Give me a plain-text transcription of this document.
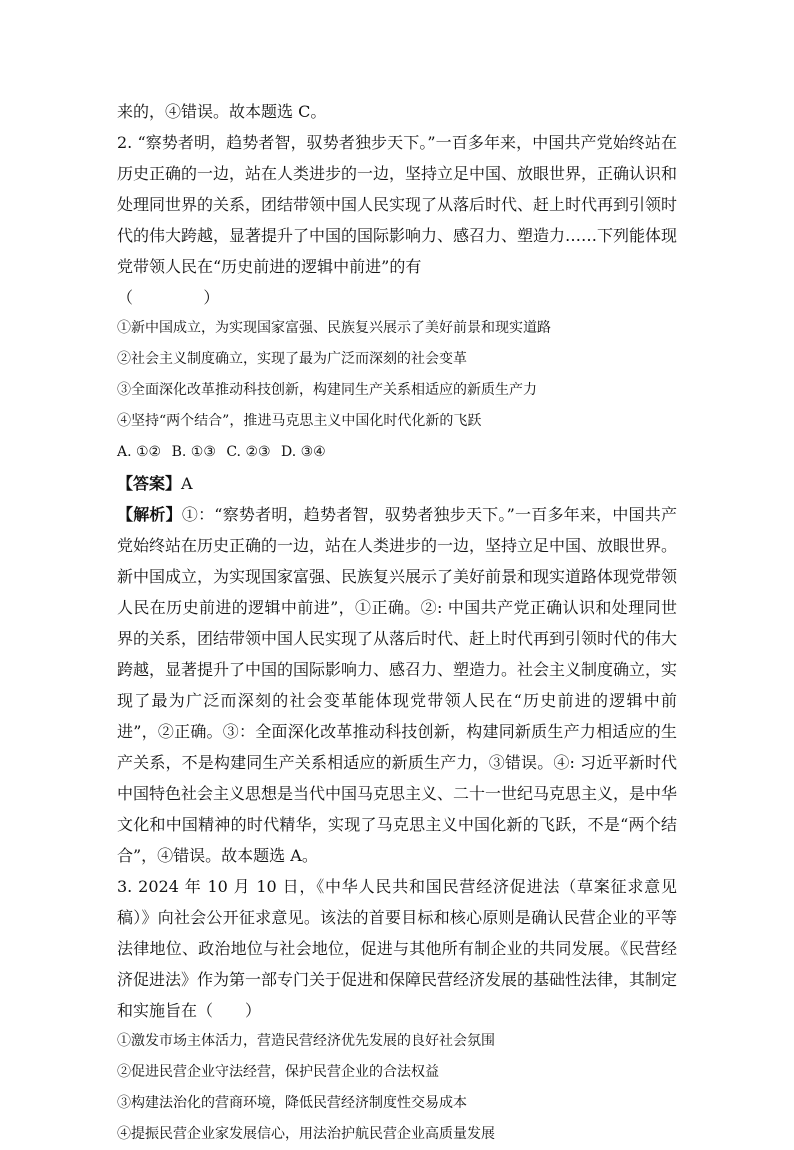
来的，④错误。故本题选 C。

2. “察势者明，趋势者智，驭势者独步天下。”一百多年来，中国共产党始终站在历史正确的一边，站在人类进步的一边，坚持立足中国、放眼世界，正确认识和处理同世界的关系，团结带领中国人民实现了从落后时代、赶上时代再到引领时代的伟大跨越，显著提升了中国的国际影响力、感召力、塑造力……下列能体现党带领人民在“历史前进的逻辑中前进”的有

（	）

①新中国成立，为实现国家富强、民族复兴展示了美好前景和现实道路

②社会主义制度确立，实现了最为广泛而深刻的社会变革

③全面深化改革推动科技创新，构建同生产关系相适应的新质生产力

④坚持“两个结合”，推进马克思主义中国化时代化新的飞跃

A. ①② B. ①③ C. ②③ D. ③④

【答案】A

【解析】①：“察势者明，趋势者智，驭势者独步天下。”一百多年来，中国共产党始终站在历史正确的一边，站在人类进步的一边，坚持立足中国、放眼世界。新中国成立，为实现国家富强、民族复兴展示了美好前景和现实道路体现党带领人民在历史前进的逻辑中前进”，①正确。②: 中国共产党正确认识和处理同世界的关系，团结带领中国人民实现了从落后时代、赶上时代再到引领时代的伟大跨越，显著提升了中国的国际影响力、感召力、塑造力。社会主义制度确立，实现了最为广泛而深刻的社会变革能体现党带领人民在“历史前进的逻辑中前进”，②正确。③：全面深化改革推动科技创新，构建同新质生产力相适应的生产关系，不是构建同生产关系相适应的新质生产力，③错误。④: 习近平新时代中国特色社会主义思想是当代中国马克思主义、二十一世纪马克思主义，是中华文化和中国精神的时代精华，实现了马克思主义中国化新的飞跃，不是“两个结合”，④错误。故本题选 A。

3. 2024 年 10 月 10 日，《中华人民共和国民营经济促进法（草案征求意见稿）》向社会公开征求意见。该法的首要目标和核心原则是确认民营企业的平等法律地位、政治地位与社会地位，促进与其他所有制企业的共同发展。《民营经济促进法》作为第一部专门关于促进和保障民营经济发展的基础性法律，其制定和实施旨在（　　）

①激发市场主体活力，营造民营经济优先发展的良好社会氛围

②促进民营企业守法经营，保护民营企业的合法权益

③构建法治化的营商环境，降低民营经济制度性交易成本

④提振民营企业家发展信心，用法治护航民营企业高质量发展
